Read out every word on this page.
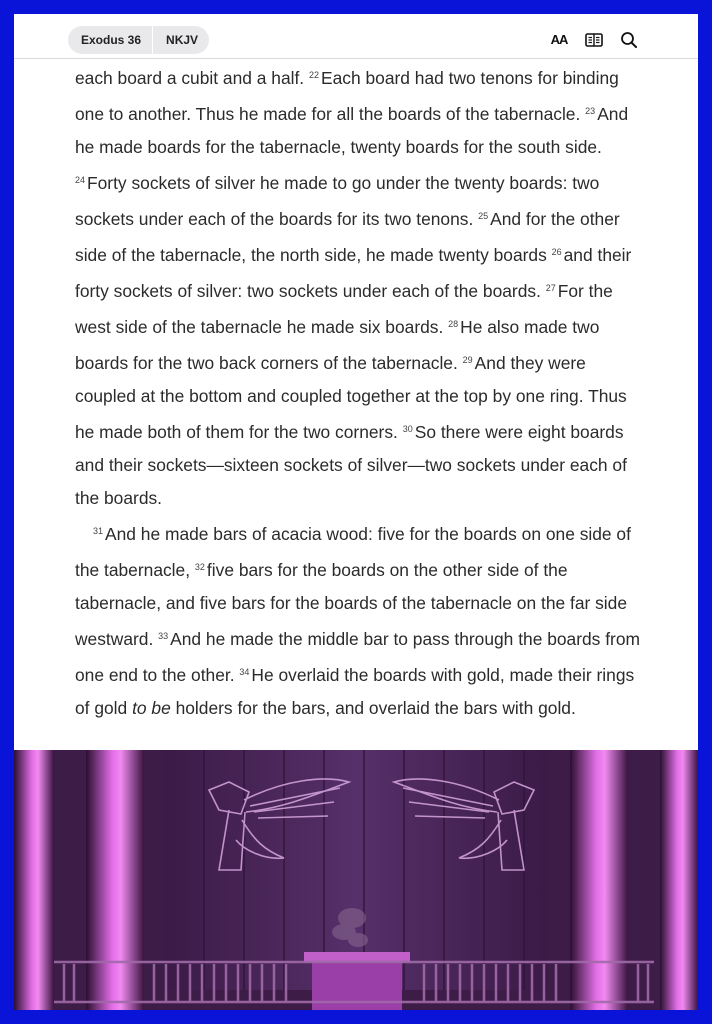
Exodus 36	NKJV	AA

each board a cubit and a half. $^{22}$ Each board had two tenons for binding one to another. Thus he made for all the boards of the tabernacle. $^{23}$ And he made boards for the tabernacle, twenty boards for the south side. $^{24}$ Forty sockets of silver he made to go under the twenty boards: two sockets under each of the boards for its two tenons. $^{25}$ And for the other side of the tabernacle, the north side, he made twenty boards $^{26}$ and their forty sockets of silver: two sockets under each of the boards. $^{27}$ For the west side of the tabernacle he made six boards. $^{28}$ He also made two boards for the two back corners of the tabernacle. $^{29}$ And they were coupled at the bottom and coupled together at the top by one ring. Thus he made both of them for the two corners. $^{30}$ So there were eight boards and their sockets—sixteen sockets of silver—two sockets under each of the boards.

$^{31}$ And he made bars of acacia wood: five for the boards on one side of the tabernacle, $^{32}$ five bars for the boards on the other side of the tabernacle, and five bars for the boards of the tabernacle on the far side westward. $^{33}$ And he made the middle bar to pass through the boards from one end to the other. $^{34}$ He overlaid the boards with gold, made their rings of gold to be holders for the bars, and overlaid the bars with gold.
